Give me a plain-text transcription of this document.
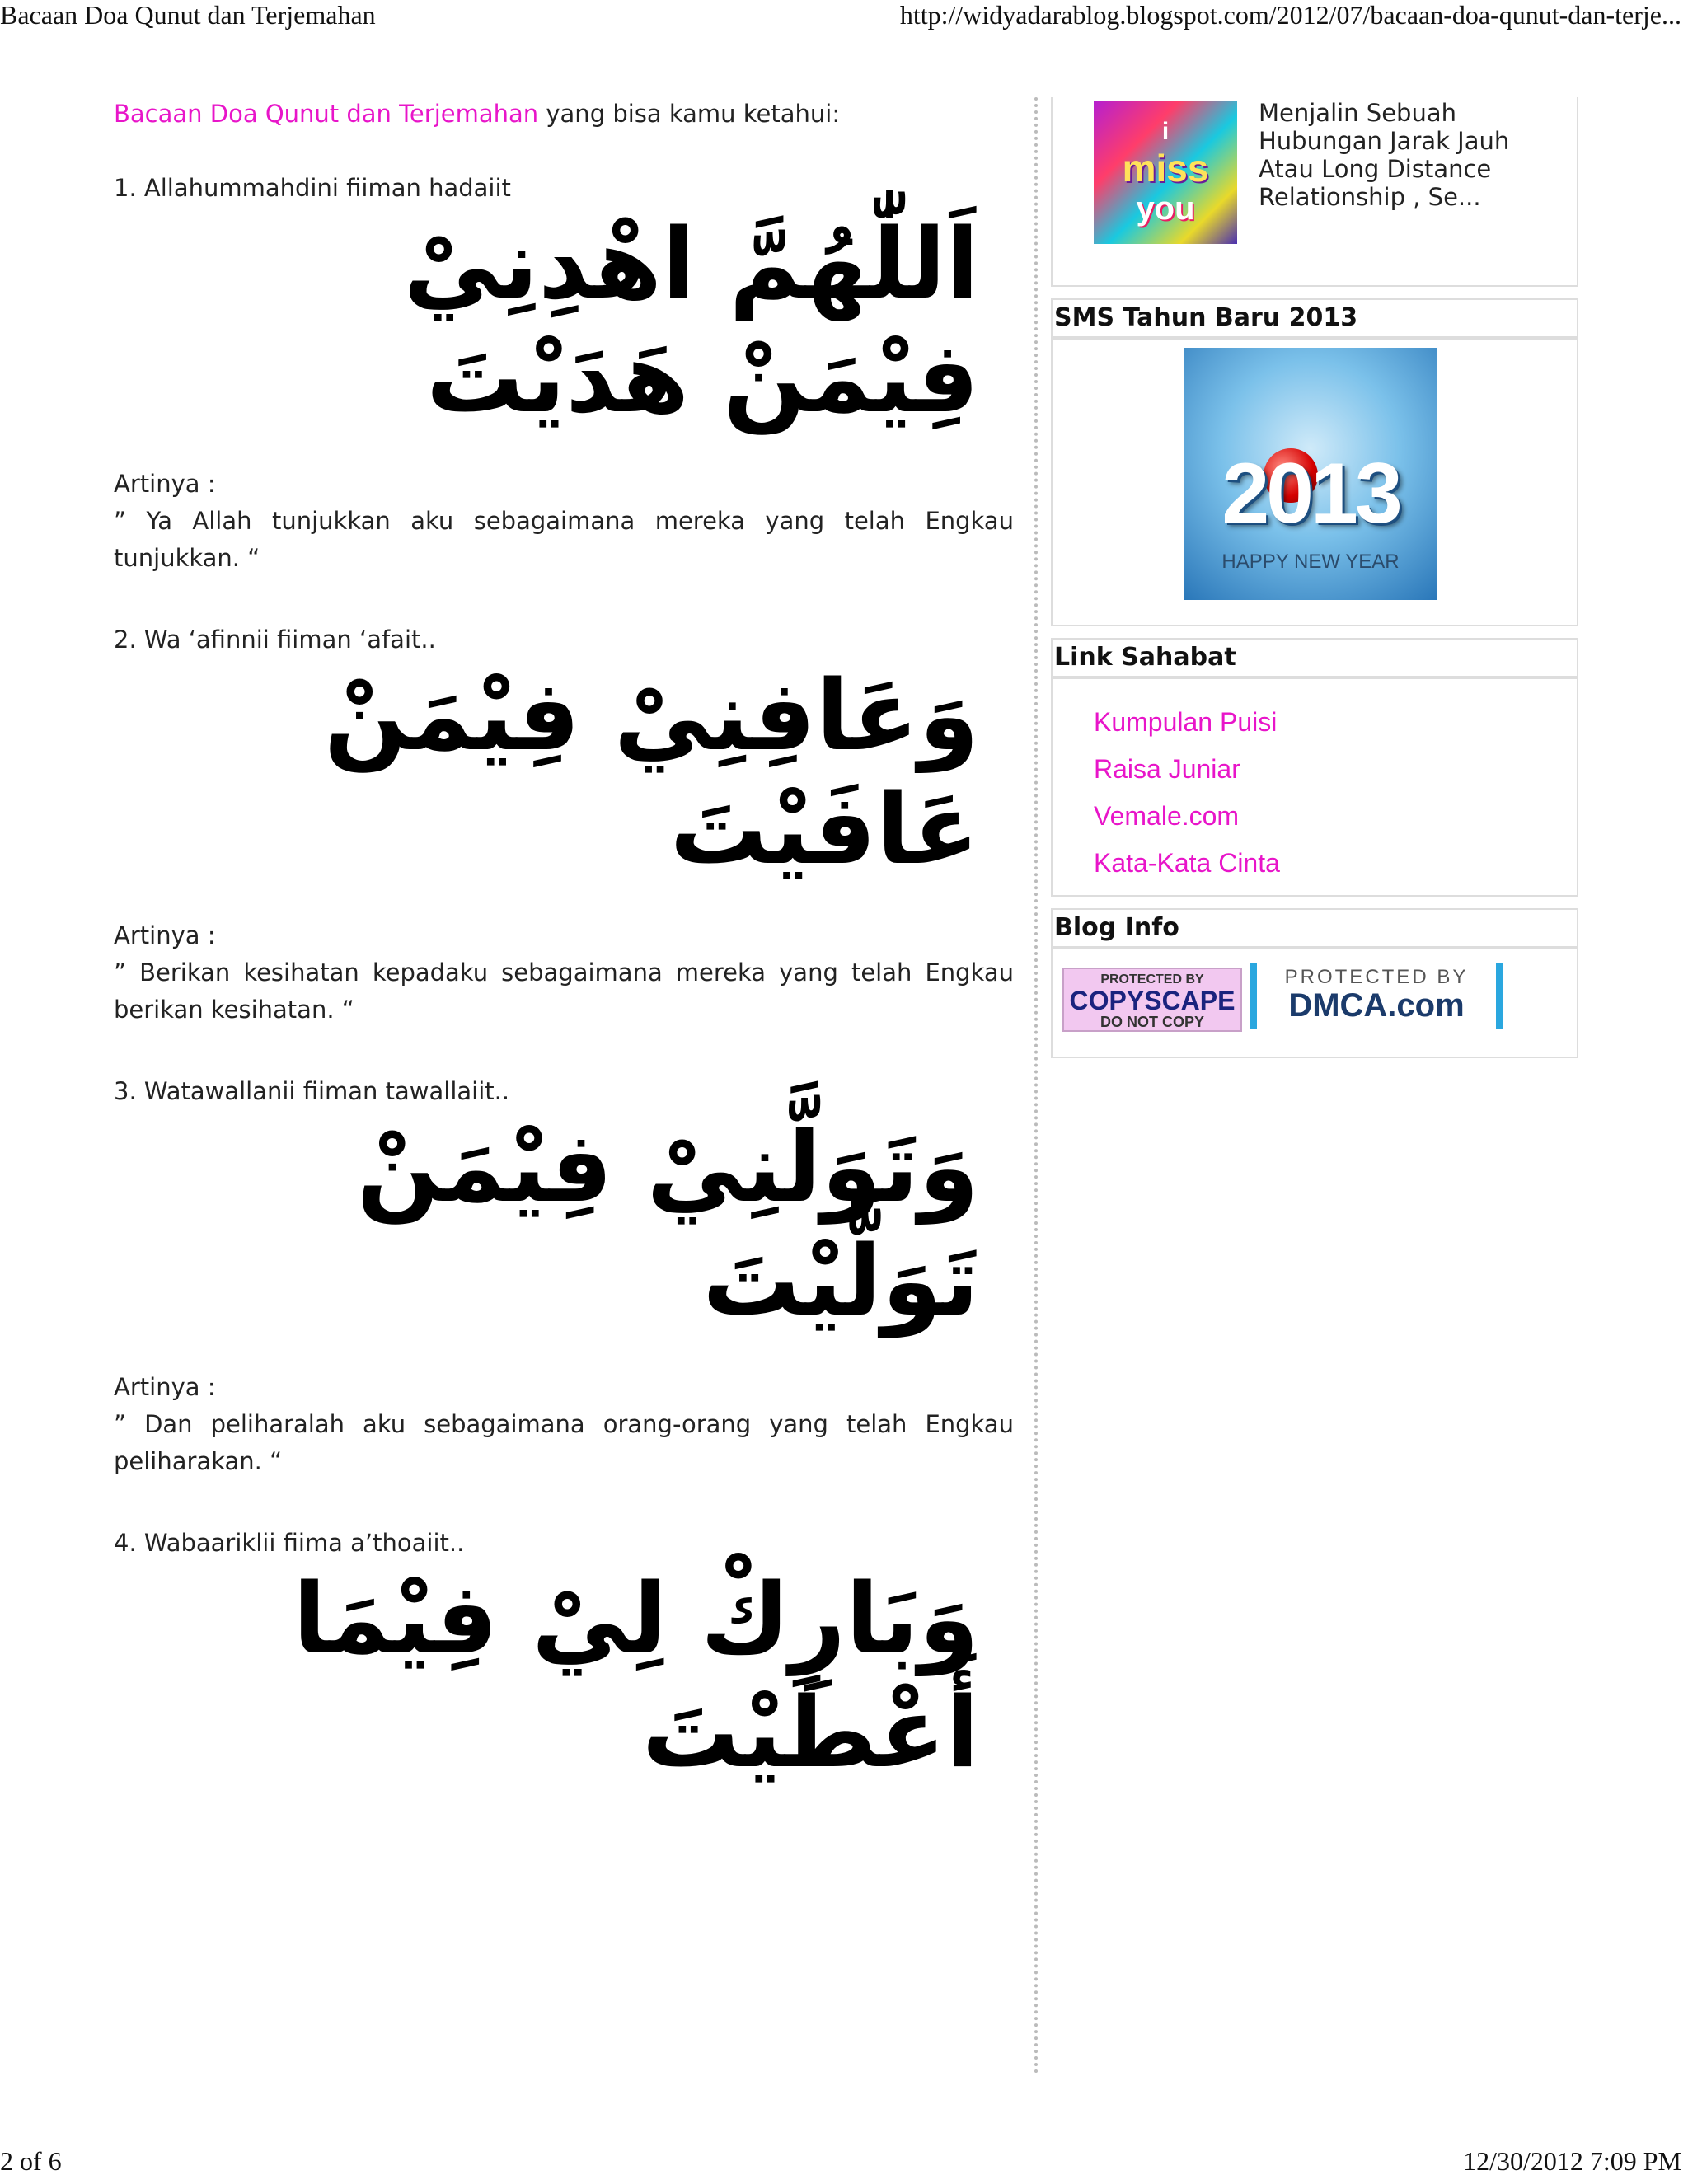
Bacaan Doa Qunut dan Terjemahan	http://widyadarablog.blogspot.com/2012/07/bacaan-doa-qunut-dan-terje...
Bacaan Doa Qunut dan Terjemahan yang bisa kamu ketahui:

1. Allahummahdini fiiman hadaiit

اَللّٰهُمَّ اهْدِنِيْ فِيْمَنْ هَدَيْتَ

Artinya :

” Ya Allah tunjukkan aku sebagaimana mereka yang telah Engkau tunjukkan. “

2. Wa ‘afinnii fiiman ‘afait..

وَعَافِنِيْ فِيْمَنْ عَافَيْتَ

Artinya :

” Berikan kesihatan kepadaku sebagaimana mereka yang telah Engkau berikan kesihatan. “

3. Watawallanii fiiman tawallaiit..

وَتَوَلَّنِيْ فِيْمَنْ تَوَلَّيْتَ

Artinya :

” Dan peliharalah aku sebagaimana orang-orang yang telah Engkau peliharakan. “

4. Wabaariklii fiima a’thoaiit..

وَبَارِكْ لِيْ فِيْمَا أَعْطَيْتَ
i
miss
you
Menjalin Sebuah Hubungan Jarak Jauh Atau Long Distance Relationship , Se...
SMS Tahun Baru 2013
2013
HAPPY NEW YEAR
Link Sahabat
Kumpulan Puisi
Raisa Juniar
Vemale.com
Kata-Kata Cinta
Blog Info
PROTECTED BY
COPYSCAPE
DO NOT COPY
PROTECTED BY
DMCA.com
2 of 6	12/30/2012 7:09 PM
